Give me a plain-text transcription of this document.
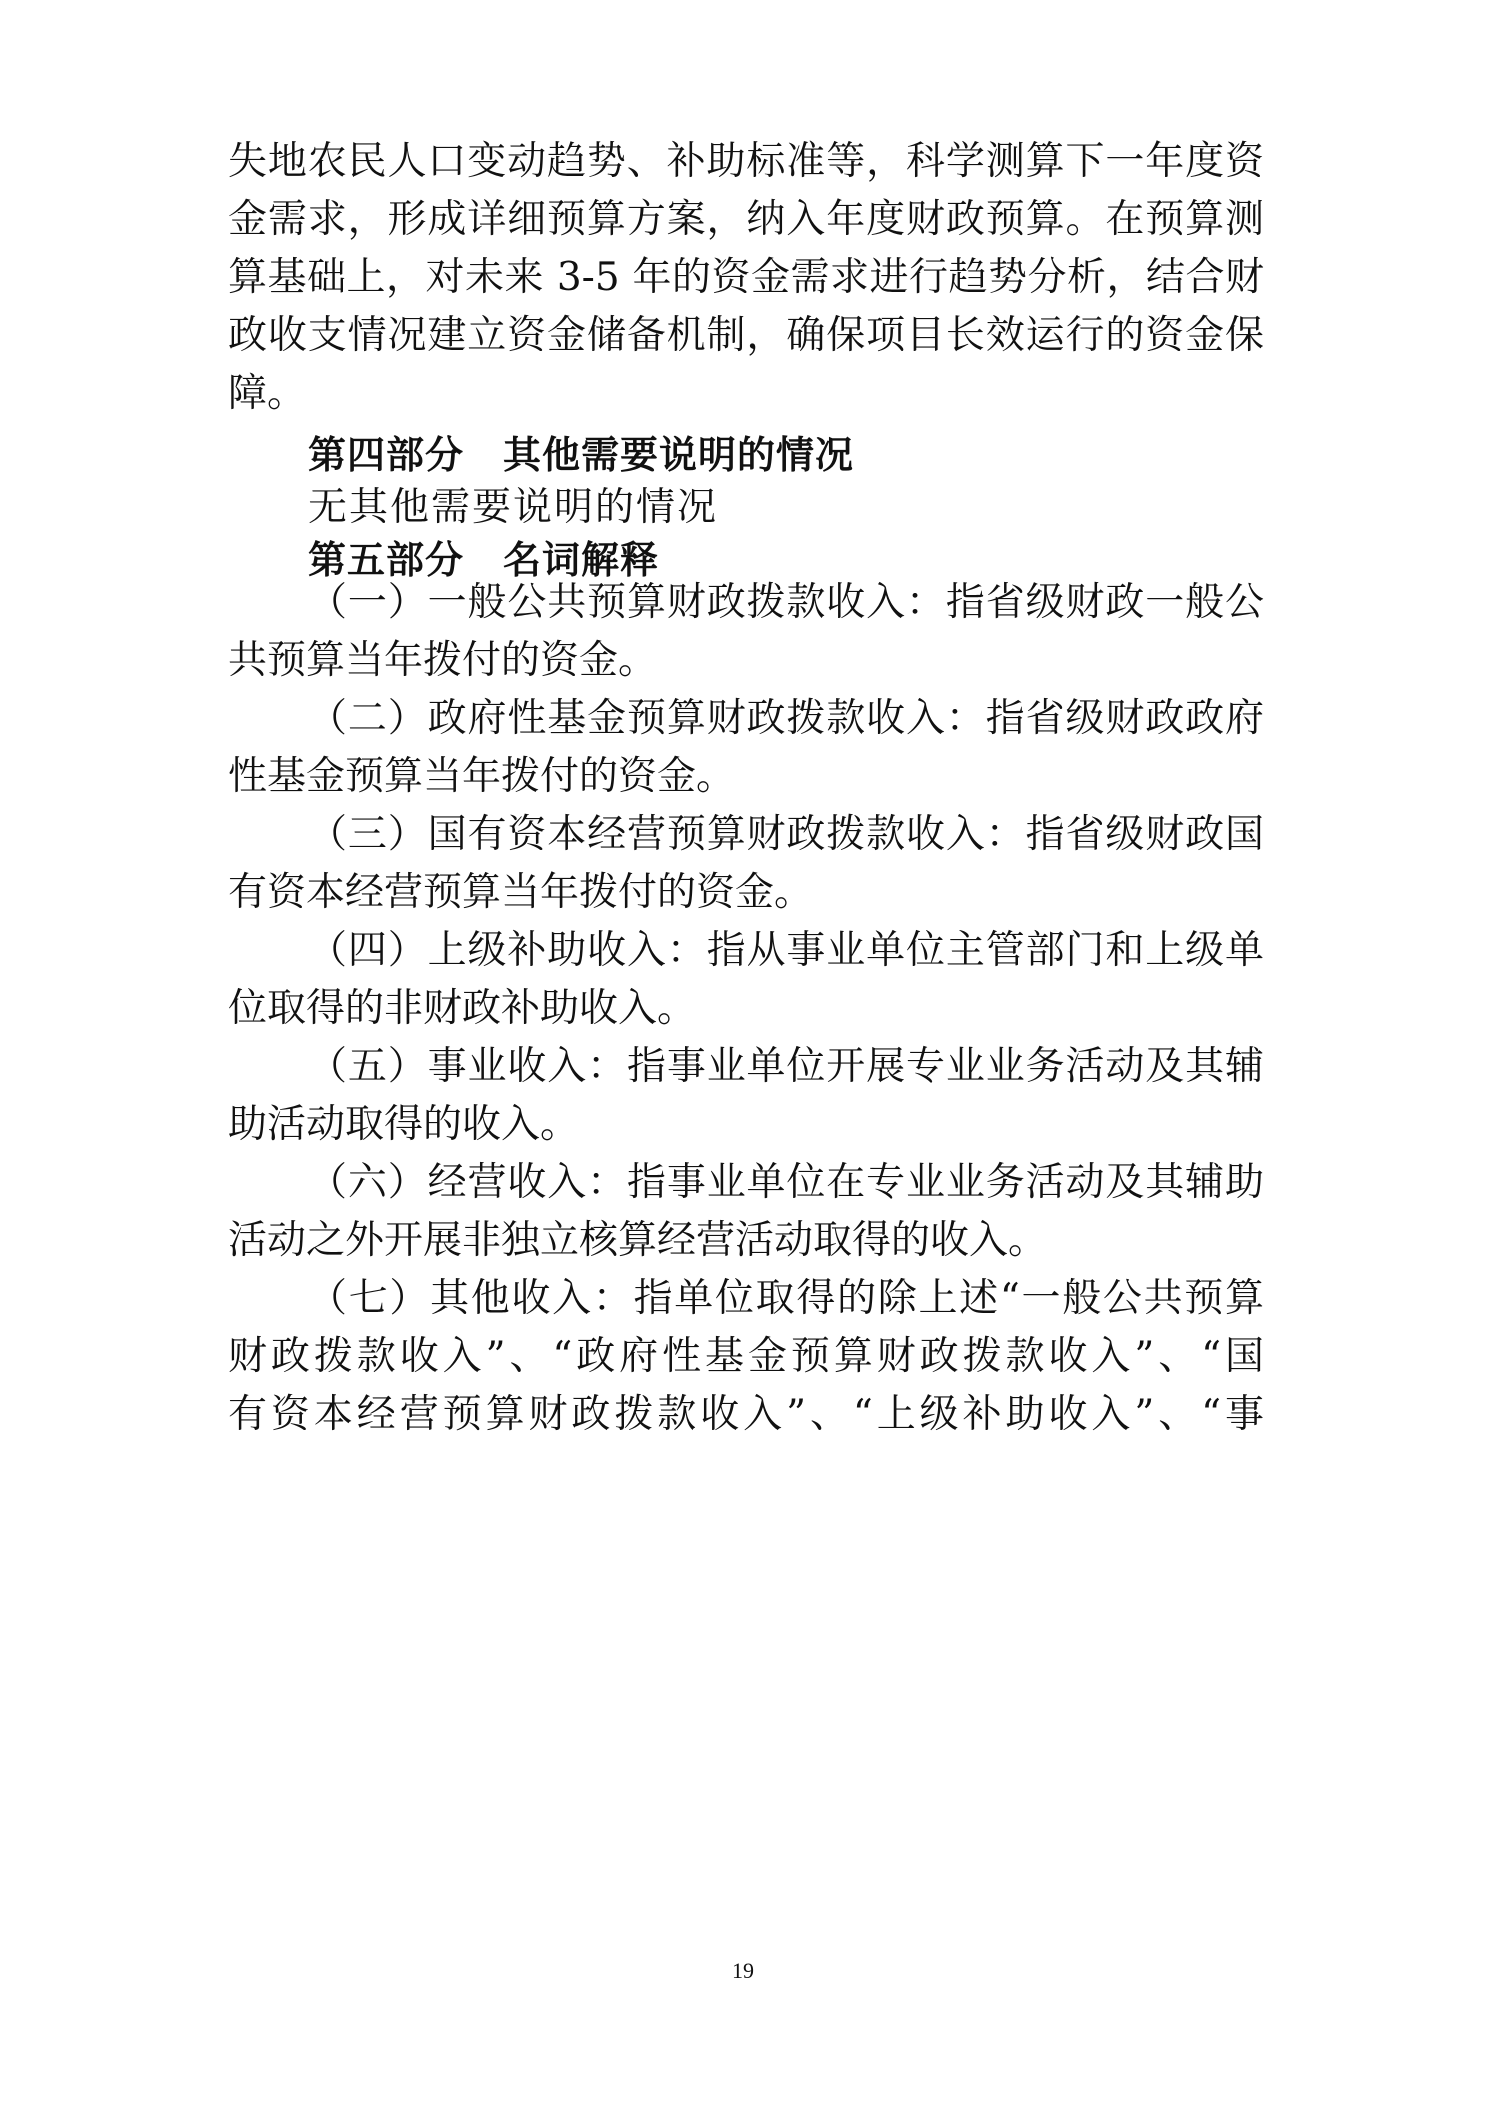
失地农民人口变动趋势、补助标准等，科学测算下一年度资
金需求，形成详细预算方案，纳入年度财政预算。在预算测
算基础上，对未来 3-5 年的资金需求进行趋势分析，结合财
政收支情况建立资金储备机制，确保项目长效运行的资金保
障。
第四部分　其他需要说明的情况
无其他需要说明的情况
第五部分　名词解释
（一）一般公共预算财政拨款收入：指省级财政一般公
共预算当年拨付的资金。
（二）政府性基金预算财政拨款收入：指省级财政政府
性基金预算当年拨付的资金。
（三）国有资本经营预算财政拨款收入：指省级财政国
有资本经营预算当年拨付的资金。
（四）上级补助收入：指从事业单位主管部门和上级单
位取得的非财政补助收入。
（五）事业收入：指事业单位开展专业业务活动及其辅
助活动取得的收入。
（六）经营收入：指事业单位在专业业务活动及其辅助
活动之外开展非独立核算经营活动取得的收入。
（七）其他收入：指单位取得的除上述“一般公共预算
财政拨款收入”、“政府性基金预算财政拨款收入”、“国
有资本经营预算财政拨款收入”、“上级补助收入”、“事
19
